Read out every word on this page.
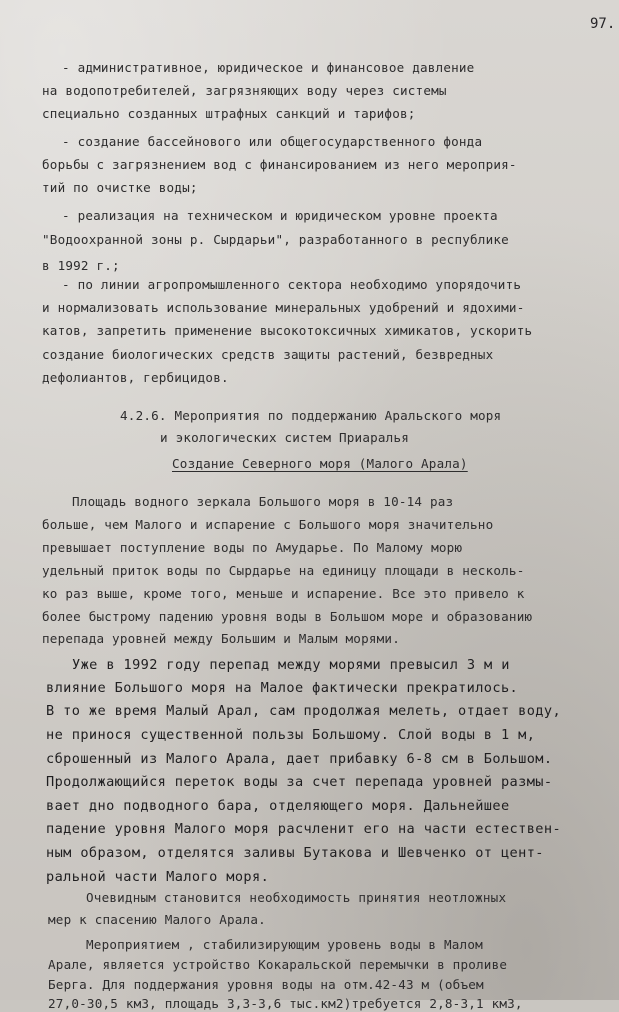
97.
- административное, юридическое и финансовое давление
на водопотребителей, загрязняющих воду через системы
специально созданных штрафных санкций и тарифов;
- создание бассейнового или общегосударственного фонда
борьбы с загрязнением вод с финансированием из него мероприя-
тий по очистке воды;
- реализация на техническом и юридическом уровне проекта
"Водоохранной зоны р. Сырдарьи", разработанного в республике
в 1992 г.;
- по линии агропромышленного сектора необходимо упорядочить
и нормализовать использование минеральных удобрений и ядохими-
катов, запретить применение высокотоксичных химикатов, ускорить
создание биологических средств защиты растений, безвредных
дефолиантов, гербицидов.
4.2.6. Мероприятия по поддержанию Аральского моря
и экологических систем Приаралья
Создание Северного моря (Малого Арала)
Площадь водного зеркала Большого моря в 10-14 раз
больше, чем Малого и испарение с Большого моря значительно
превышает поступление воды по Амударье. По Малому морю
удельный приток воды по Сырдарье на единицу площади в несколь-
ко раз выше, кроме того, меньше и испарение. Все это привело к
более быстрому падению уровня воды в Большом море и образованию
перепада уровней между Большим и Малым морями.
Уже в 1992 году перепад между морями превысил 3 м и
влияние Большого моря на Малое фактически прекратилось.
В то же время Малый Арал, сам продолжая мелеть, отдает воду,
не принося существенной пользы Большому. Слой воды в 1 м,
сброшенный из Малого Арала, дает прибавку 6-8 см в Большом.
Продолжающийся переток воды за счет перепада уровней размы-
вает дно подводного бара, отделяющего моря. Дальнейшее
падение уровня Малого моря расчленит его на части естествен-
ным образом, отделятся заливы Бутакова и Шевченко от цент-
ральной части Малого моря.
Очевидным становится необходимость принятия неотложных
мер к спасению Малого Арала.
Мероприятием , стабилизирующим уровень воды в Малом
Арале, является устройство Кокаральской перемычки в проливе
Берга. Для поддержания уровня воды на отм.42-43 м (объем
27,0-30,5 км3, площадь 3,3-3,6 тыс.км2)требуется 2,8-3,1 км3,
